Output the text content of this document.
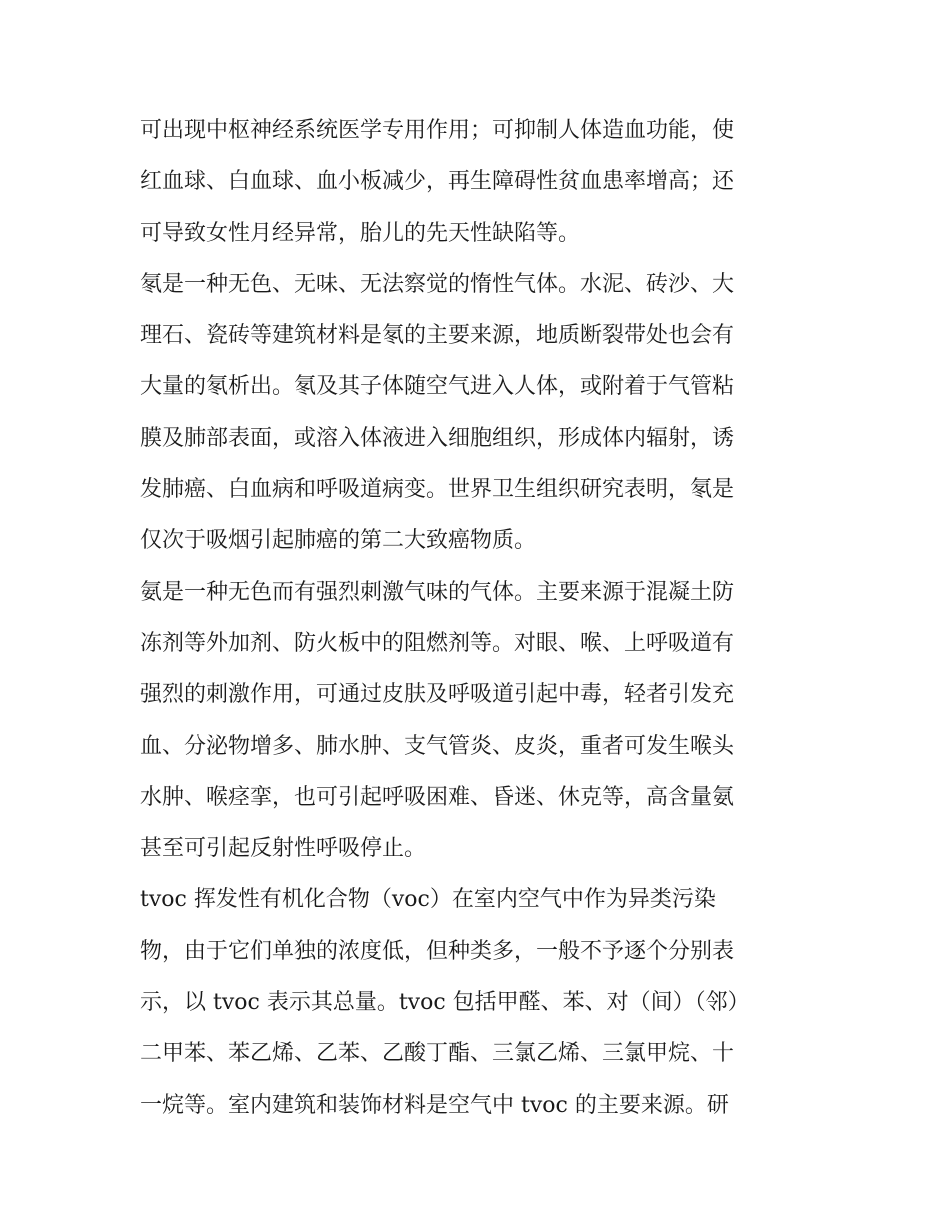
可出现中枢神经系统医学专用作用；可抑制人体造血功能，使
红血球、白血球、血小板减少，再生障碍性贫血患率增高；还
可导致女性月经异常，胎儿的先天性缺陷等。
氡是一种无色、无味、无法察觉的惰性气体。水泥、砖沙、大
理石、瓷砖等建筑材料是氡的主要来源，地质断裂带处也会有
大量的氡析出。氡及其子体随空气进入人体，或附着于气管粘
膜及肺部表面，或溶入体液进入细胞组织，形成体内辐射，诱
发肺癌、白血病和呼吸道病变。世界卫生组织研究表明，氡是
仅次于吸烟引起肺癌的第二大致癌物质。
氨是一种无色而有强烈刺激气味的气体。主要来源于混凝土防
冻剂等外加剂、防火板中的阻燃剂等。对眼、喉、上呼吸道有
强烈的刺激作用，可通过皮肤及呼吸道引起中毒，轻者引发充
血、分泌物增多、肺水肿、支气管炎、皮炎，重者可发生喉头
水肿、喉痉挛，也可引起呼吸困难、昏迷、休克等，高含量氨
甚至可引起反射性呼吸停止。
tvoc 挥发性有机化合物（voc）在室内空气中作为异类污染
物，由于它们单独的浓度低，但种类多，一般不予逐个分别表
示，以 tvoc 表示其总量。tvoc 包括甲醛、苯、对（间）（邻）
二甲苯、苯乙烯、乙苯、乙酸丁酯、三氯乙烯、三氯甲烷、十
一烷等。室内建筑和装饰材料是空气中 tvoc 的主要来源。研
